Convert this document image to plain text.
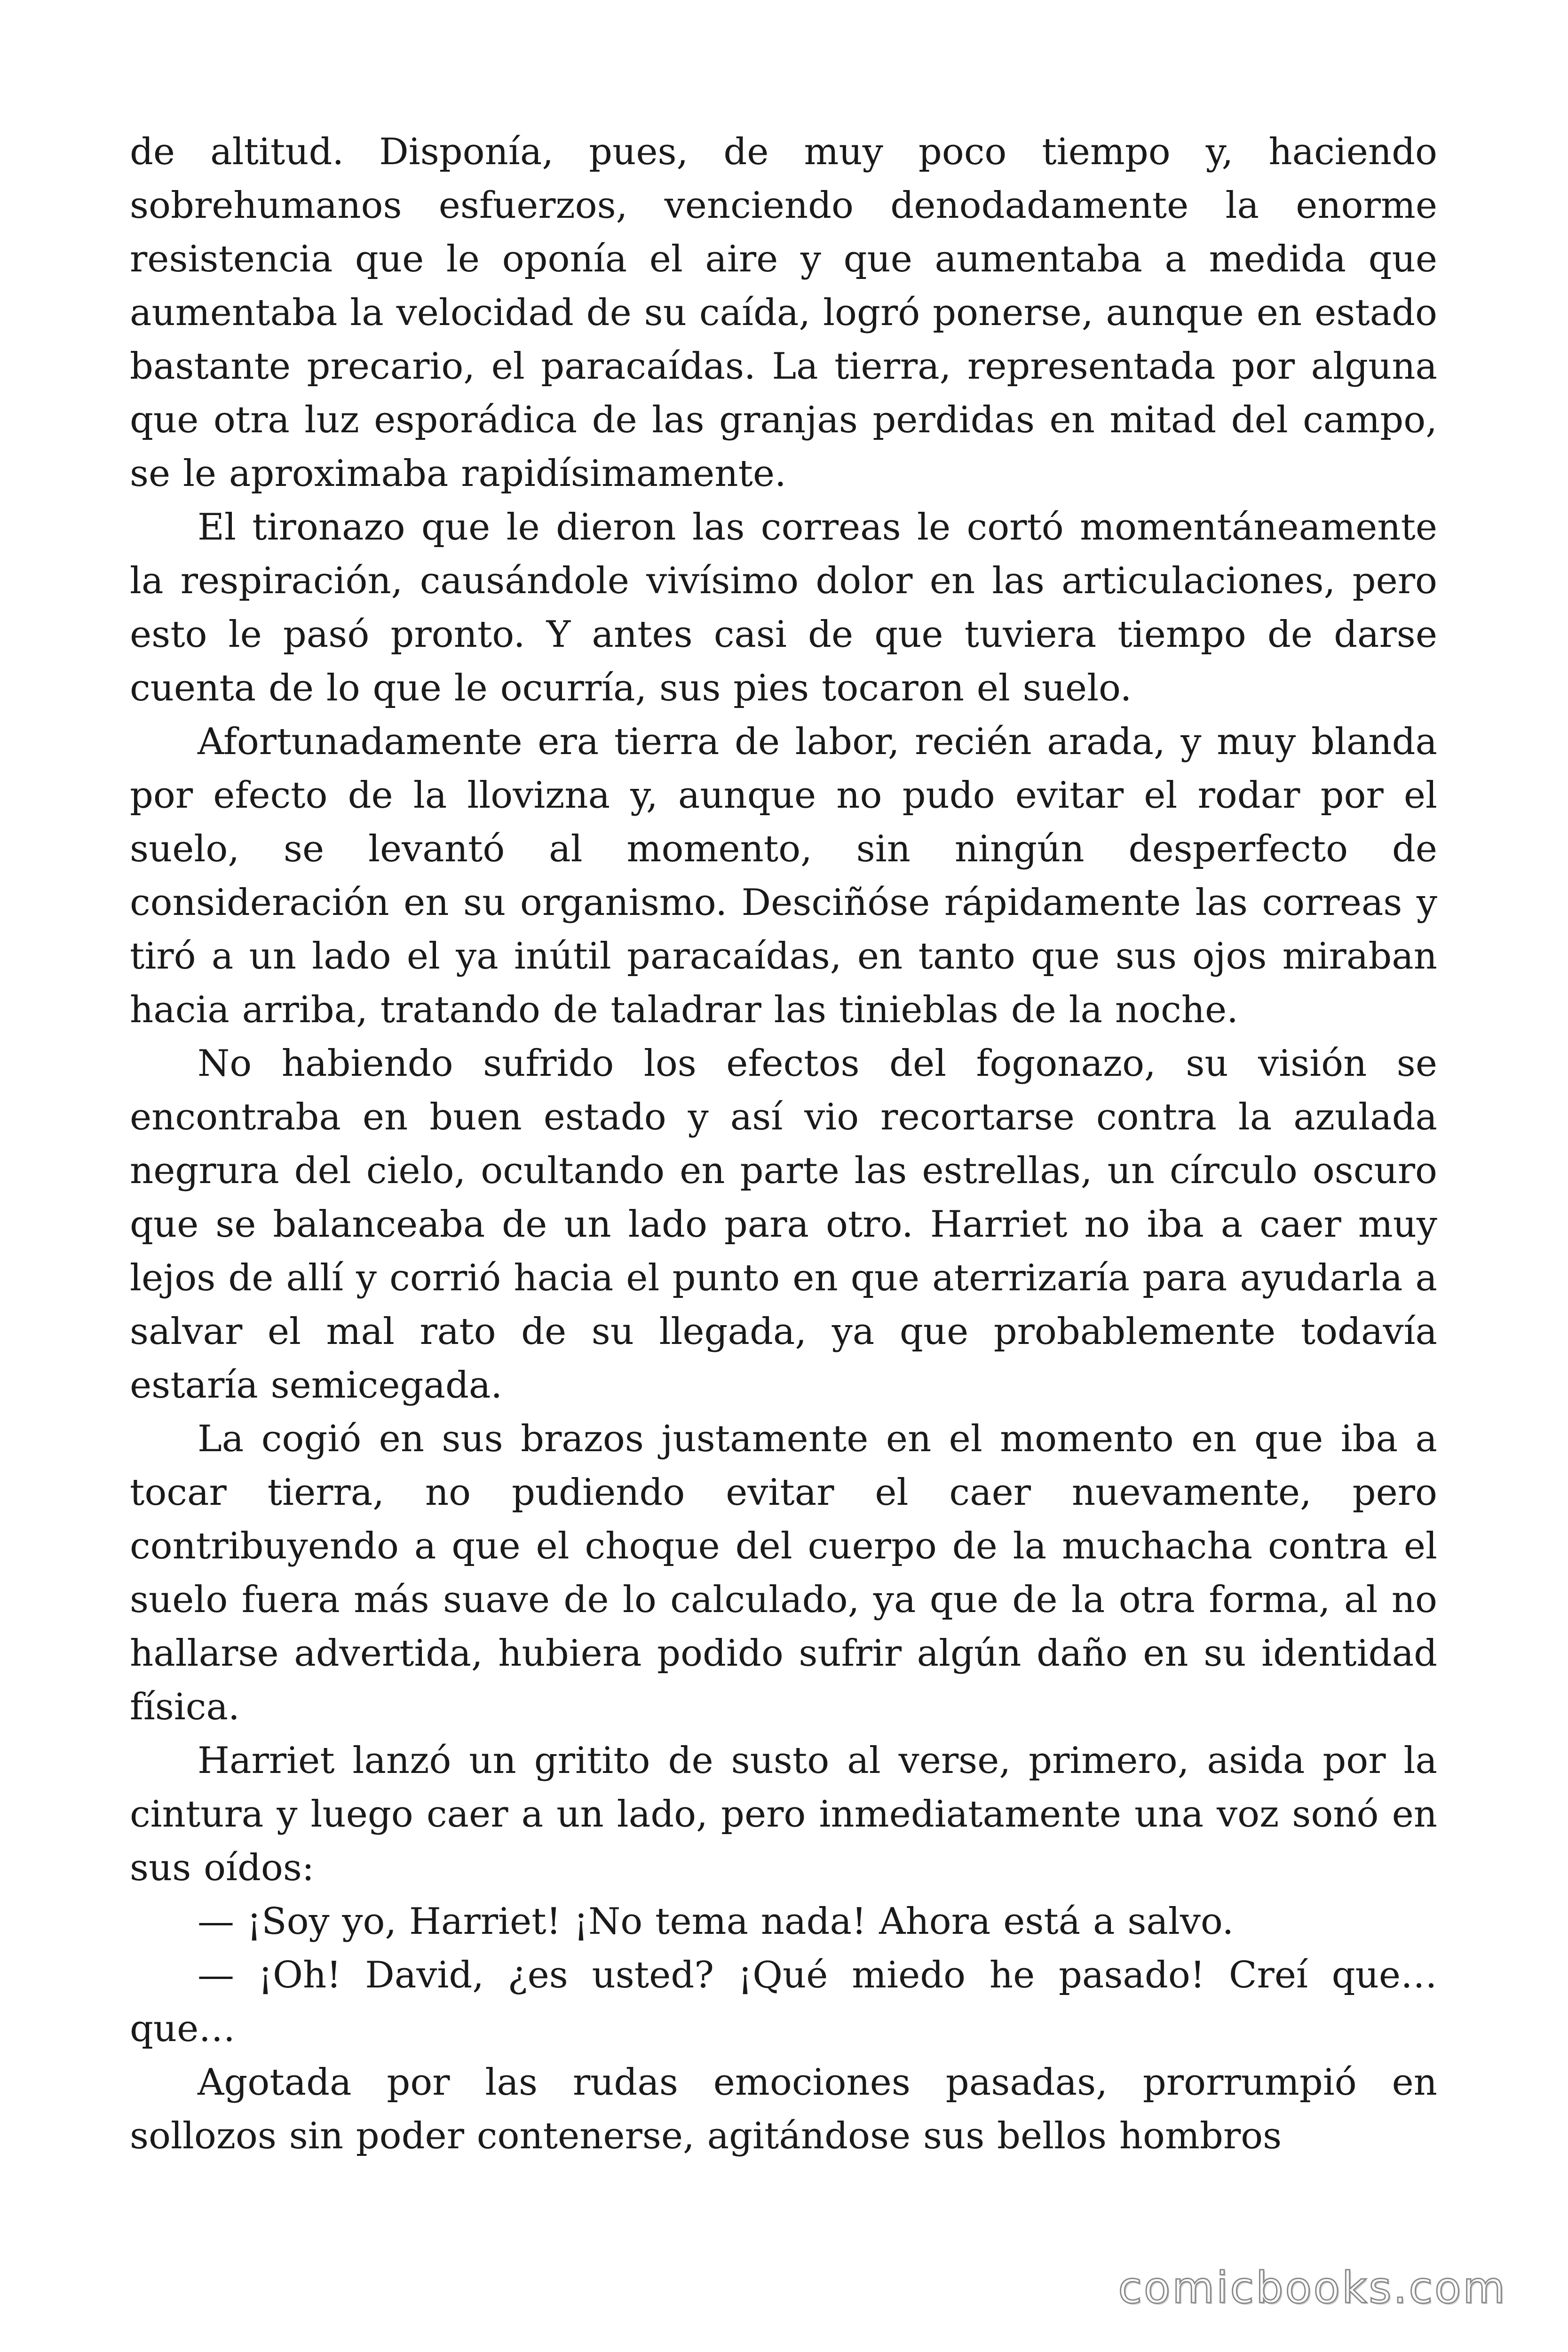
de altitud. Disponía, pues, de muy poco tiempo y, haciendo sobrehumanos esfuerzos, venciendo denodadamente la enorme resistencia que le oponía el aire y que aumentaba a medida que aumentaba la velocidad de su caída, logró ponerse, aunque en estado bastante precario, el paracaídas. La tierra, representada por alguna que otra luz esporádica de las granjas perdidas en mitad del campo, se le aproximaba rapidísimamente.

El tironazo que le dieron las correas le cortó momentáneamente la respiración, causándole vivísimo dolor en las articulaciones, pero esto le pasó pronto. Y antes casi de que tuviera tiempo de darse cuenta de lo que le ocurría, sus pies tocaron el suelo.

Afortunadamente era tierra de labor, recién arada, y muy blanda por efecto de la llovizna y, aunque no pudo evitar el rodar por el suelo, se levantó al momento, sin ningún desperfecto de consideración en su organismo. Desciñóse rápidamente las correas y tiró a un lado el ya inútil paracaídas, en tanto que sus ojos miraban hacia arriba, tratando de taladrar las tinieblas de la noche.

No habiendo sufrido los efectos del fogonazo, su visión se encontraba en buen estado y así vio recortarse contra la azulada negrura del cielo, ocultando en parte las estrellas, un círculo oscuro que se balanceaba de un lado para otro. Harriet no iba a caer muy lejos de allí y corrió hacia el punto en que aterrizaría para ayudarla a salvar el mal rato de su llegada, ya que probablemente todavía estaría semicegada.

La cogió en sus brazos justamente en el momento en que iba a tocar tierra, no pudiendo evitar el caer nuevamente, pero contribuyendo a que el choque del cuerpo de la muchacha contra el suelo fuera más suave de lo calculado, ya que de la otra forma, al no hallarse advertida, hubiera podido sufrir algún daño en su identidad física.

Harriet lanzó un gritito de susto al verse, primero, asida por la cintura y luego caer a un lado, pero inmediatamente una voz sonó en sus oídos:

— ¡Soy yo, Harriet! ¡No tema nada! Ahora está a salvo.

— ¡Oh! David, ¿es usted? ¡Qué miedo he pasado! Creí que… que…

Agotada por las rudas emociones pasadas, prorrumpió en sollozos sin poder contenerse, agitándose sus bellos hombros

comicbooks.com
